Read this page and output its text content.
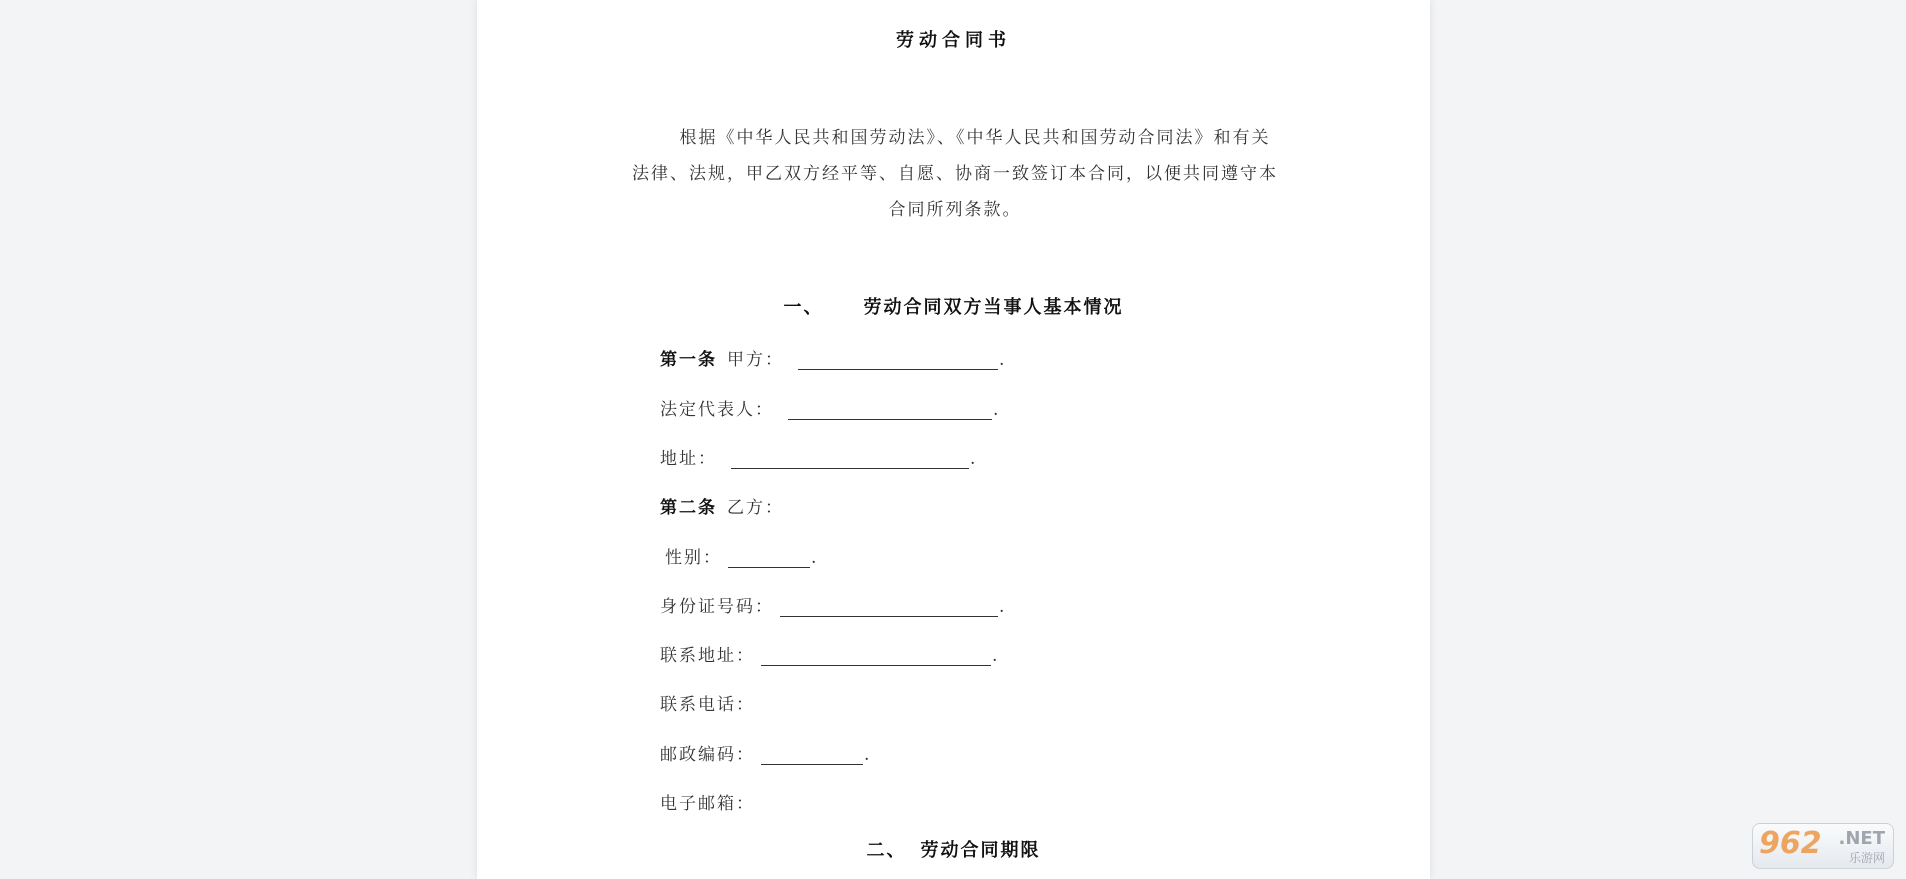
劳动合同书
根据《中华人民共和国劳动法》、《中华人民共和国劳动合同法》和有关
法律、法规，甲乙双方经平等、自愿、协商一致签订本合同，以便共同遵守本
合同所列条款。
一、 劳动合同双方当事人基本情况
第一条 甲方：	.
法定代表人：	.
地址：	.
第二条 乙方：
性别：	.
身份证号码：	.
联系地址：	.
联系电话：
邮政编码：	.
电子邮箱：
二、 劳动合同期限	962 .NET
乐游网
